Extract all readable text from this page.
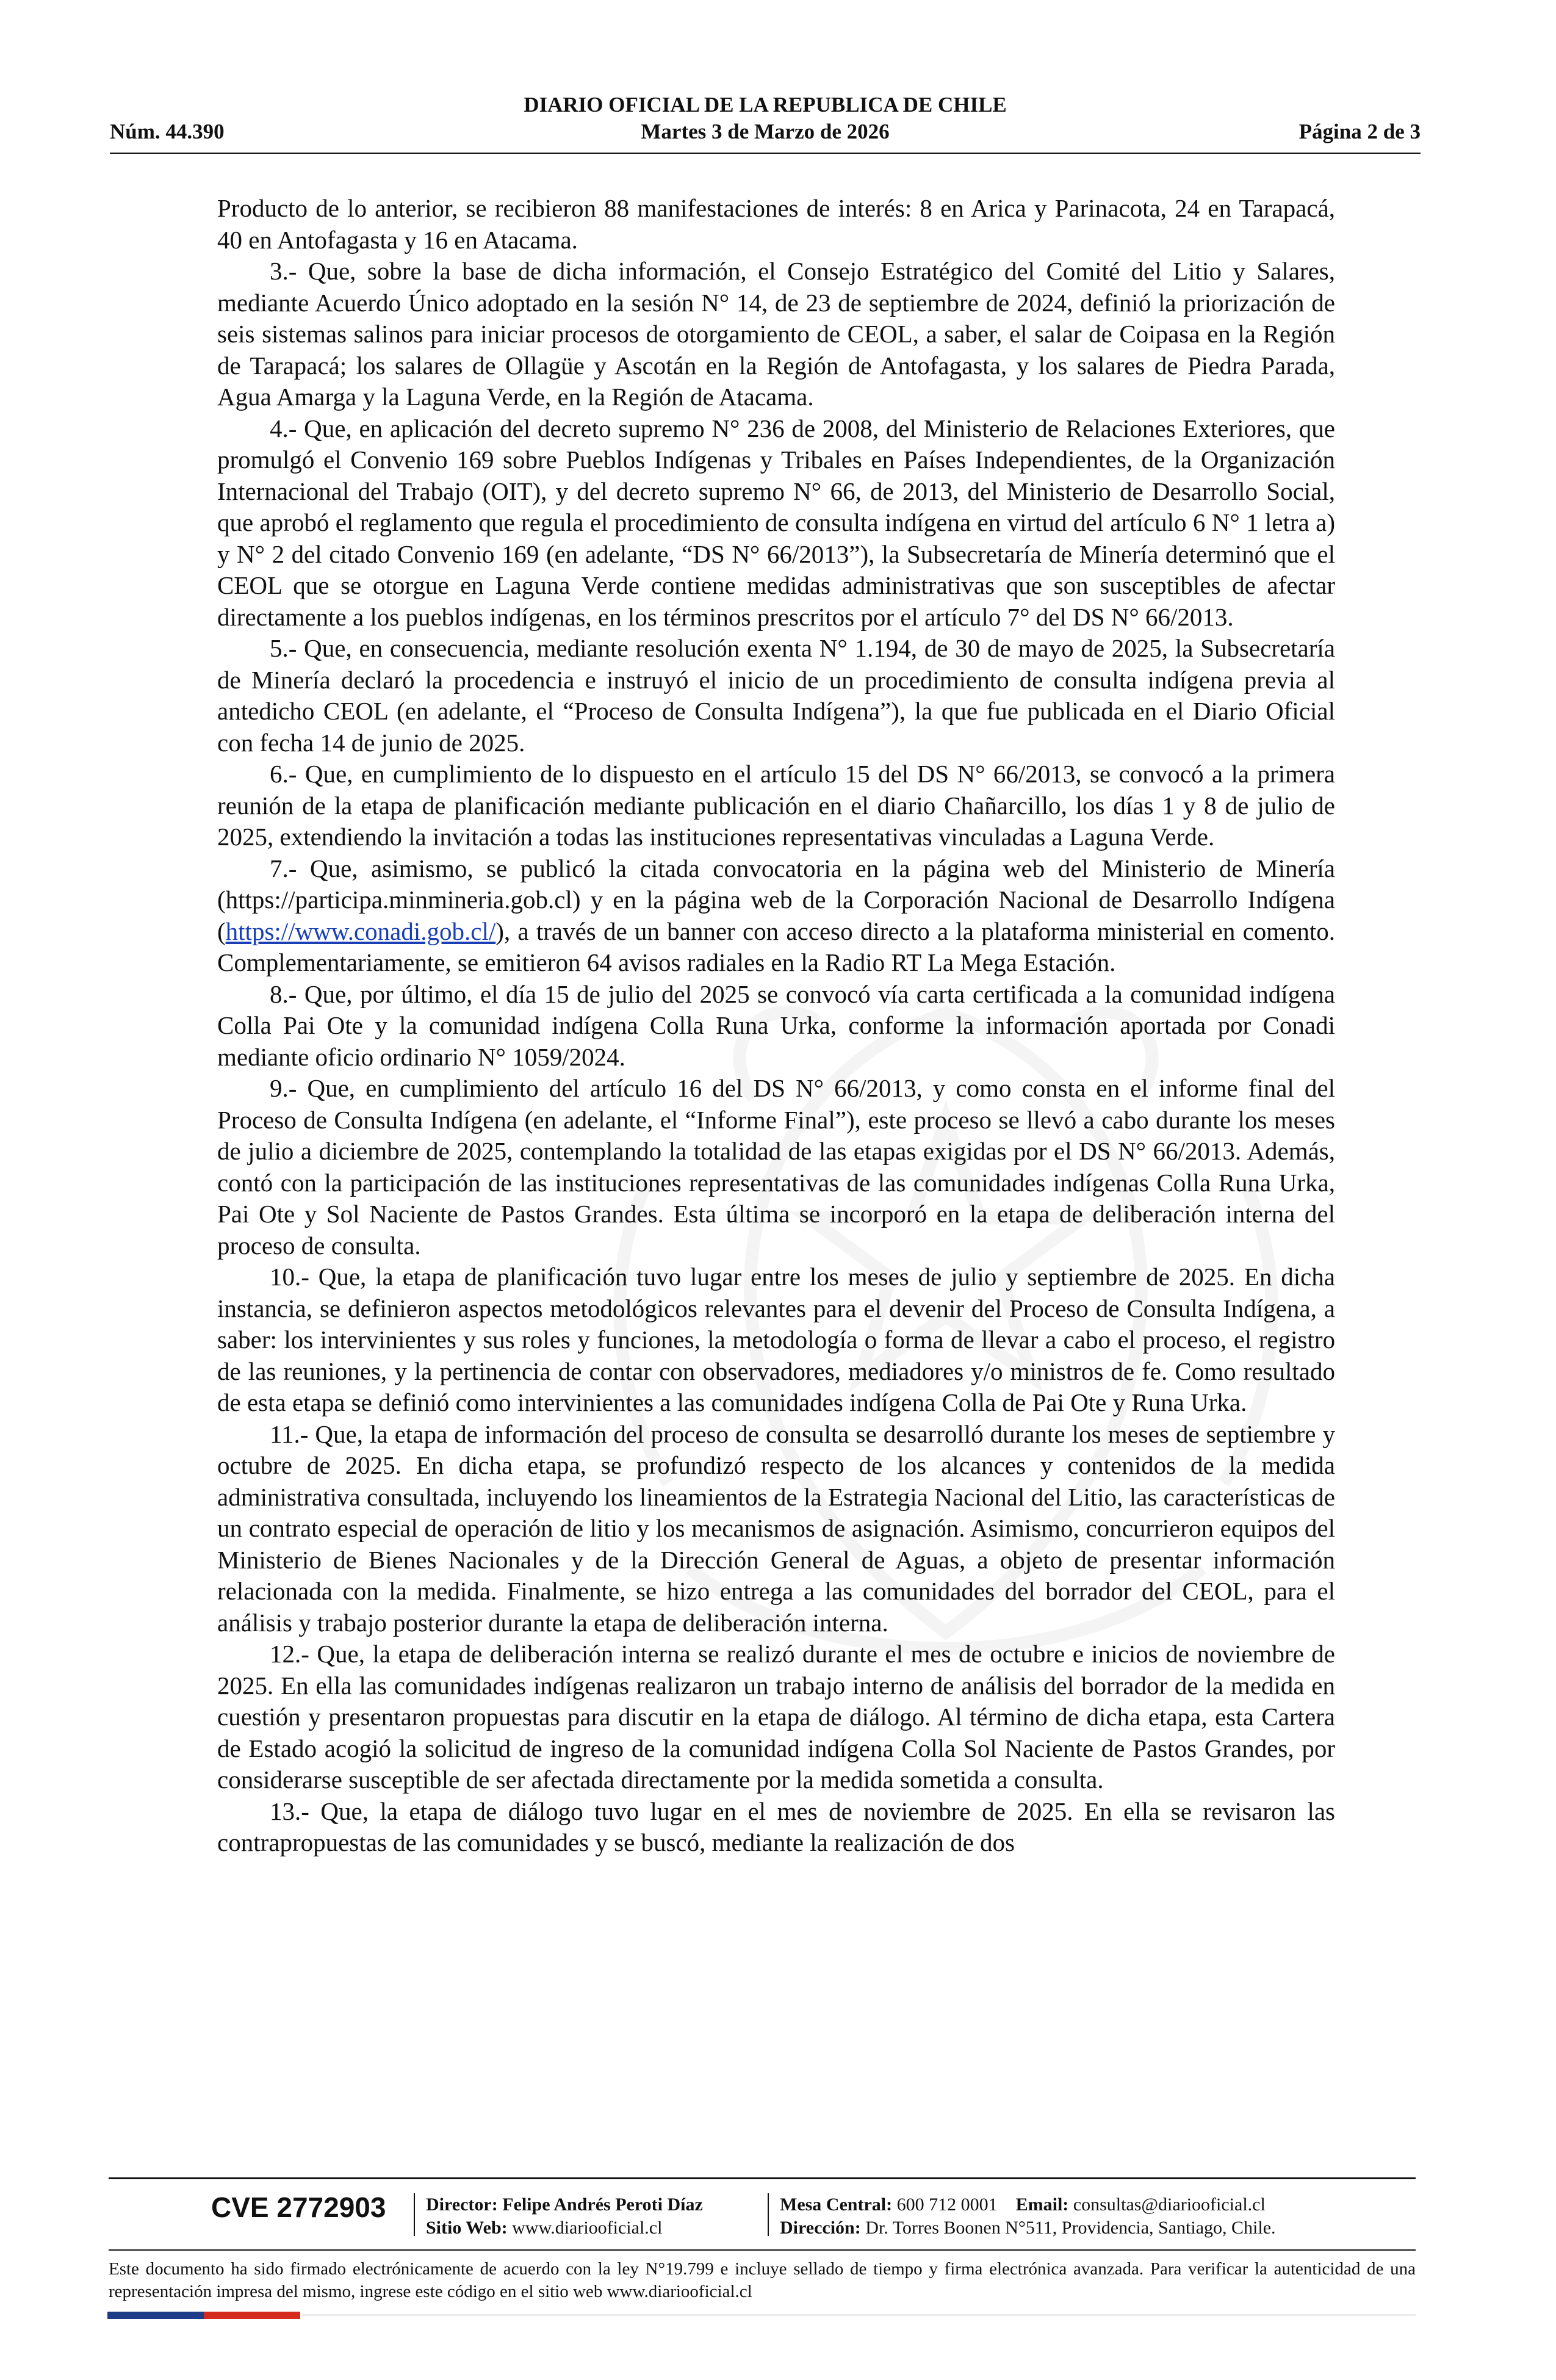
DIARIO OFICIAL DE LA REPUBLICA DE CHILE
Núm. 44.390	Martes 3 de Marzo de 2026	Página 2 de 3

Producto de lo anterior, se recibieron 88 manifestaciones de interés: 8 en Arica y Parinacota, 24 en Tarapacá, 40 en Antofagasta y 16 en Atacama.

3.- Que, sobre la base de dicha información, el Consejo Estratégico del Comité del Litio y Salares, mediante Acuerdo Único adoptado en la sesión N° 14, de 23 de septiembre de 2024, definió la priorización de seis sistemas salinos para iniciar procesos de otorgamiento de CEOL, a saber, el salar de Coipasa en la Región de Tarapacá; los salares de Ollagüe y Ascotán en la Región de Antofagasta, y los salares de Piedra Parada, Agua Amarga y la Laguna Verde, en la Región de Atacama.

4.- Que, en aplicación del decreto supremo N° 236 de 2008, del Ministerio de Relaciones Exteriores, que promulgó el Convenio 169 sobre Pueblos Indígenas y Tribales en Países Independientes, de la Organización Internacional del Trabajo (OIT), y del decreto supremo N° 66, de 2013, del Ministerio de Desarrollo Social, que aprobó el reglamento que regula el procedimiento de consulta indígena en virtud del artículo 6 N° 1 letra a) y N° 2 del citado Convenio 169 (en adelante, “DS N° 66/2013”), la Subsecretaría de Minería determinó que el CEOL que se otorgue en Laguna Verde contiene medidas administrativas que son susceptibles de afectar directamente a los pueblos indígenas, en los términos prescritos por el artículo 7° del DS N° 66/2013.

5.- Que, en consecuencia, mediante resolución exenta N° 1.194, de 30 de mayo de 2025, la Subsecretaría de Minería declaró la procedencia e instruyó el inicio de un procedimiento de consulta indígena previa al antedicho CEOL (en adelante, el “Proceso de Consulta Indígena”), la que fue publicada en el Diario Oficial con fecha 14 de junio de 2025.

6.- Que, en cumplimiento de lo dispuesto en el artículo 15 del DS N° 66/2013, se convocó a la primera reunión de la etapa de planificación mediante publicación en el diario Chañarcillo, los días 1 y 8 de julio de 2025, extendiendo la invitación a todas las instituciones representativas vinculadas a Laguna Verde.

7.- Que, asimismo, se publicó la citada convocatoria en la página web del Ministerio de Minería (https://participa.minmineria.gob.cl) y en la página web de la Corporación Nacional de Desarrollo Indígena (https://www.conadi.gob.cl/), a través de un banner con acceso directo a la plataforma ministerial en comento. Complementariamente, se emitieron 64 avisos radiales en la Radio RT La Mega Estación.

8.- Que, por último, el día 15 de julio del 2025 se convocó vía carta certificada a la comunidad indígena Colla Pai Ote y la comunidad indígena Colla Runa Urka, conforme la información aportada por Conadi mediante oficio ordinario N° 1059/2024.

9.- Que, en cumplimiento del artículo 16 del DS N° 66/2013, y como consta en el informe final del Proceso de Consulta Indígena (en adelante, el “Informe Final”), este proceso se llevó a cabo durante los meses de julio a diciembre de 2025, contemplando la totalidad de las etapas exigidas por el DS N° 66/2013. Además, contó con la participación de las instituciones representativas de las comunidades indígenas Colla Runa Urka, Pai Ote y Sol Naciente de Pastos Grandes. Esta última se incorporó en la etapa de deliberación interna del proceso de consulta.

10.- Que, la etapa de planificación tuvo lugar entre los meses de julio y septiembre de 2025. En dicha instancia, se definieron aspectos metodológicos relevantes para el devenir del Proceso de Consulta Indígena, a saber: los intervinientes y sus roles y funciones, la metodología o forma de llevar a cabo el proceso, el registro de las reuniones, y la pertinencia de contar con observadores, mediadores y/o ministros de fe. Como resultado de esta etapa se definió como intervinientes a las comunidades indígena Colla de Pai Ote y Runa Urka.

11.- Que, la etapa de información del proceso de consulta se desarrolló durante los meses de septiembre y octubre de 2025. En dicha etapa, se profundizó respecto de los alcances y contenidos de la medida administrativa consultada, incluyendo los lineamientos de la Estrategia Nacional del Litio, las características de un contrato especial de operación de litio y los mecanismos de asignación. Asimismo, concurrieron equipos del Ministerio de Bienes Nacionales y de la Dirección General de Aguas, a objeto de presentar información relacionada con la medida. Finalmente, se hizo entrega a las comunidades del borrador del CEOL, para el análisis y trabajo posterior durante la etapa de deliberación interna.

12.- Que, la etapa de deliberación interna se realizó durante el mes de octubre e inicios de noviembre de 2025. En ella las comunidades indígenas realizaron un trabajo interno de análisis del borrador de la medida en cuestión y presentaron propuestas para discutir en la etapa de diálogo. Al término de dicha etapa, esta Cartera de Estado acogió la solicitud de ingreso de la comunidad indígena Colla Sol Naciente de Pastos Grandes, por considerarse susceptible de ser afectada directamente por la medida sometida a consulta.

13.- Que, la etapa de diálogo tuvo lugar en el mes de noviembre de 2025. En ella se revisaron las contrapropuestas de las comunidades y se buscó, mediante la realización de dos

CVE 2772903 Director: Felipe Andrés Peroti Díaz
Sitio Web: www.diariooficial.cl
Mesa Central: 600 712 0001 Email: consultas@diariooficial.cl
Dirección: Dr. Torres Boonen N°511, Providencia, Santiago, Chile.
Este documento ha sido firmado electrónicamente de acuerdo con la ley N°19.799 e incluye sellado de tiempo y firma electrónica avanzada. Para verificar la autenticidad de una representación impresa del mismo, ingrese este código en el sitio web www.diariooficial.cl
